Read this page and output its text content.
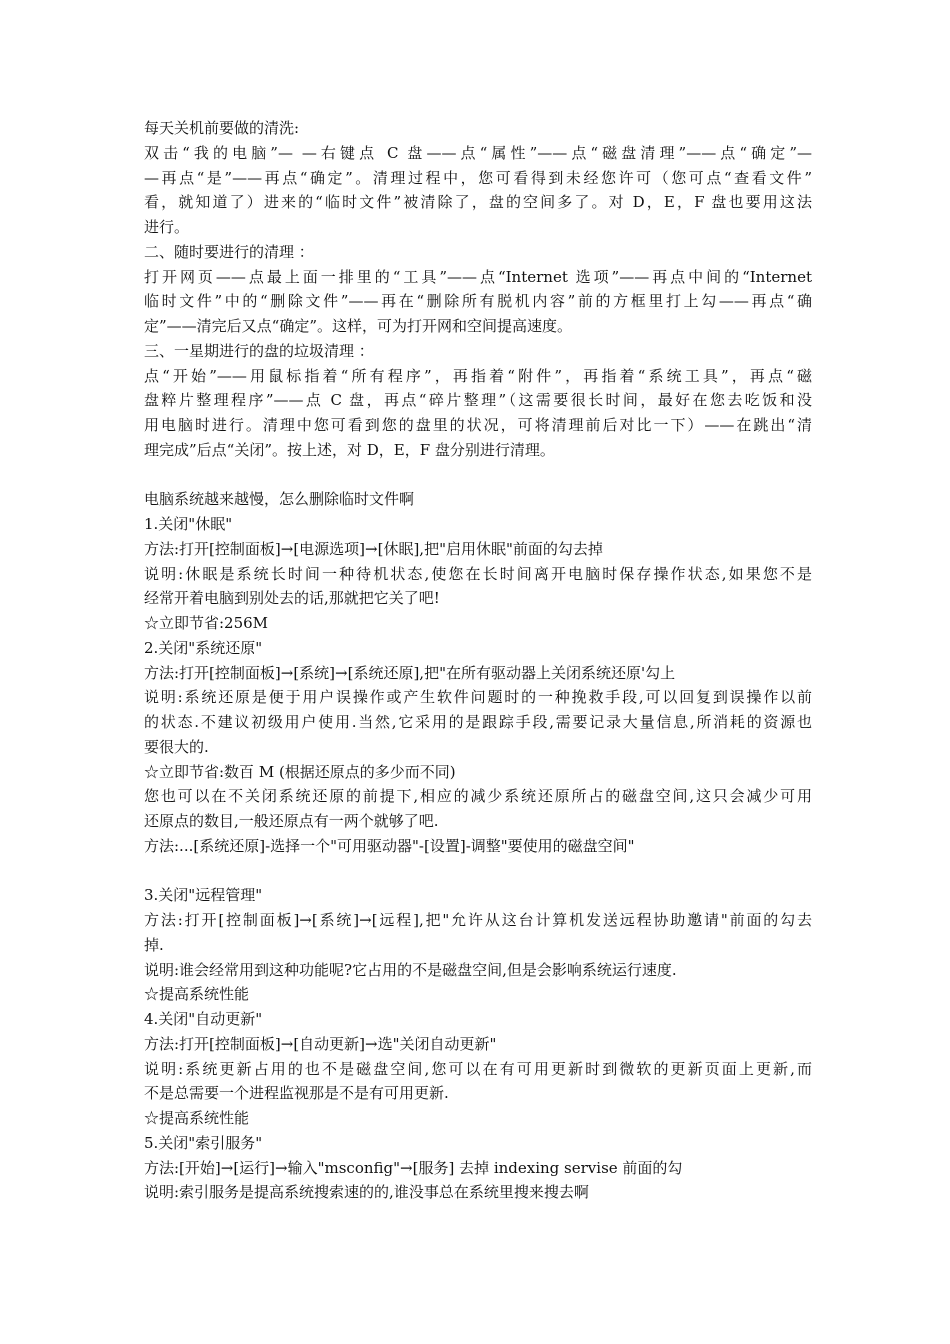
每天关机前要做的清洗:
双击“我的电脑”— —右键点 C 盘——点“属性”——点“磁盘清理”——点“确定”—
—再点“是”——再点“确定”。清理过程中，您可看得到未经您许可（您可点“查看文件”
看，就知道了）进来的“临时文件”被清除了，盘的空间多了。对 D，E，F 盘也要用这法
进行。
二、随时要进行的清理 ：
打开网页——点最上面一排里的“工具”——点“Internet 选项”——再点中间的“Internet
临时文件”中的“删除文件”——再在“删除所有脱机内容”前的方框里打上勾——再点“确
定”——清完后又点“确定”。这样，可为打开网和空间提高速度。
三、一星期进行的盘的垃圾清理 ：
点“开始”——用鼠标指着“所有程序”，再指着“附件”，再指着“系统工具”，再点“磁
盘粹片整理程序”——点 C 盘，再点“碎片整理”（这需要很长时间，最好在您去吃饭和没
用电脑时进行。清理中您可看到您的盘里的状况，可将清理前后对比一下）——在跳出“清
理完成”后点“关闭”。按上述，对 D，E，F 盘分别进行清理。
电脑系统越来越慢，怎么删除临时文件啊
1.关闭"休眠"
方法:打开[控制面板]→[电源选项]→[休眠],把"启用休眠"前面的勾去掉
说明:休眠是系统长时间一种待机状态,使您在长时间离开电脑时保存操作状态,如果您不是
经常开着电脑到别处去的话,那就把它关了吧!
☆立即节省:256M
2.关闭"系统还原"
方法:打开[控制面板]→[系统]→[系统还原],把"在所有驱动器上关闭系统还原'勾上
说明:系统还原是便于用户误操作或产生软件问题时的一种挽救手段,可以回复到误操作以前
的状态.不建议初级用户使用.当然,它采用的是跟踪手段,需要记录大量信息,所消耗的资源也
要很大的.
☆立即节省:数百 M (根据还原点的多少而不同)
您也可以在不关闭系统还原的前提下,相应的减少系统还原所占的磁盘空间,这只会减少可用
还原点的数目,一般还原点有一两个就够了吧.
方法:...[系统还原]-选择一个"可用驱动器"-[设置]-调整"要使用的磁盘空间"
3.关闭"远程管理"
方法:打开[控制面板]→[系统]→[远程],把"允许从这台计算机发送远程协助邀请"前面的勾去
掉.
说明:谁会经常用到这种功能呢?它占用的不是磁盘空间,但是会影响系统运行速度.
☆提高系统性能
4.关闭"自动更新"
方法:打开[控制面板]→[自动更新]→选"关闭自动更新"
说明:系统更新占用的也不是磁盘空间,您可以在有可用更新时到微软的更新页面上更新,而
不是总需要一个进程监视那是不是有可用更新.
☆提高系统性能
5.关闭"索引服务"
方法:[开始]→[运行]→输入"msconfig"→[服务] 去掉 indexing servise 前面的勾
说明:索引服务是提高系统搜索速的的,谁没事总在系统里搜来搜去啊
